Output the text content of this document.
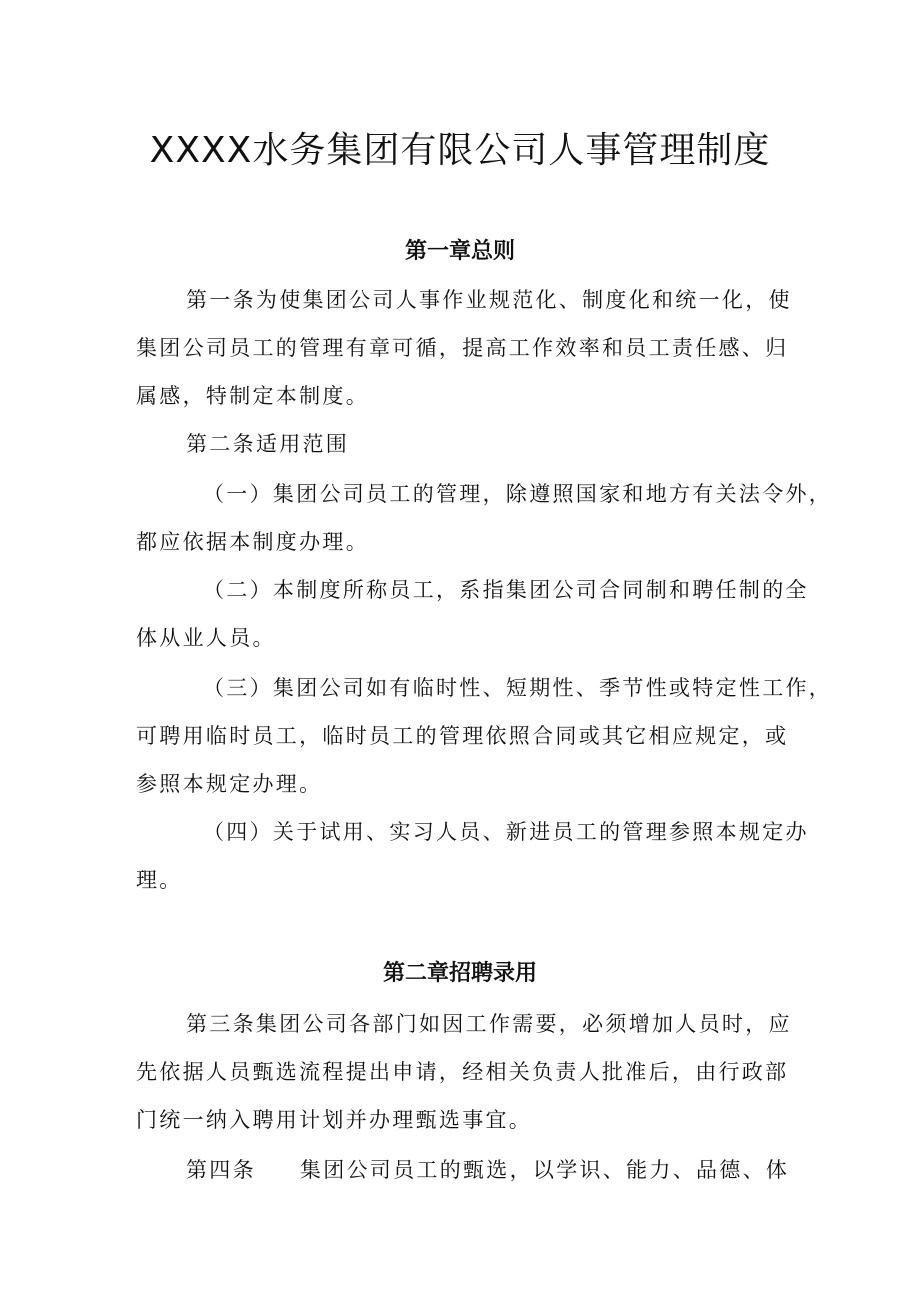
XXXX水务集团有限公司人事管理制度
第一章总则
第一条为使集团公司人事作业规范化、制度化和统一化，使
集团公司员工的管理有章可循，提高工作效率和员工责任感、归
属感，特制定本制度。
第二条适用范围
（一）集团公司员工的管理，除遵照国家和地方有关法令外，
都应依据本制度办理。
（二）本制度所称员工，系指集团公司合同制和聘任制的全
体从业人员。
（三）集团公司如有临时性、短期性、季节性或特定性工作，
可聘用临时员工，临时员工的管理依照合同或其它相应规定，或
参照本规定办理。
（四）关于试用、实习人员、新进员工的管理参照本规定办
理。
第二章招聘录用
第三条集团公司各部门如因工作需要，必须增加人员时，应
先依据人员甄选流程提出申请，经相关负责人批准后，由行政部
门统一纳入聘用计划并办理甄选事宜。
第四条 集团公司员工的甄选，以学识、能力、品德、体
